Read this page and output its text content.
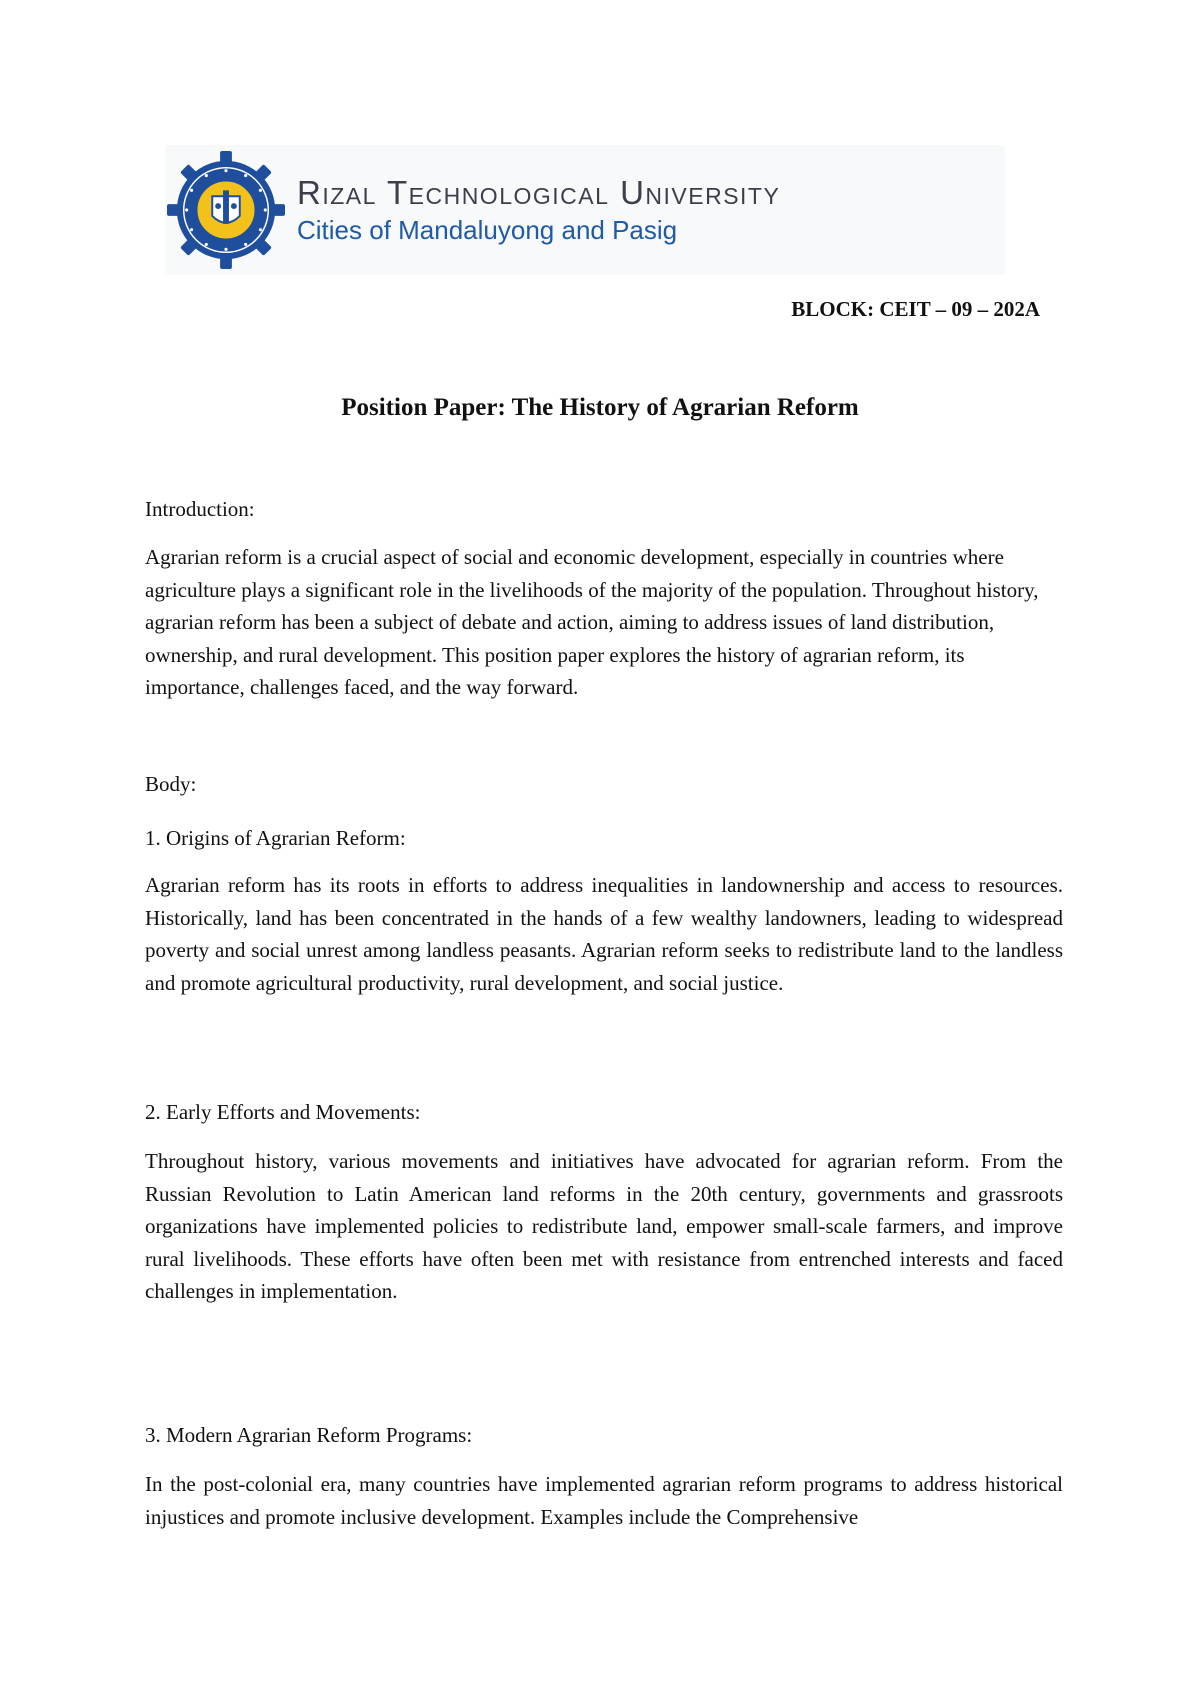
Rizal Technological University
Cities of Mandaluyong and Pasig
BLOCK: CEIT – 09 – 202A
Position Paper: The History of Agrarian Reform
Introduction:

Agrarian reform is a crucial aspect of social and economic development, especially in countries where agriculture plays a significant role in the livelihoods of the majority of the population. Throughout history, agrarian reform has been a subject of debate and action, aiming to address issues of land distribution, ownership, and rural development. This position paper explores the history of agrarian reform, its importance, challenges faced, and the way forward.

Body:
1. Origins of Agrarian Reform:

Agrarian reform has its roots in efforts to address inequalities in landownership and access to resources. Historically, land has been concentrated in the hands of a few wealthy landowners, leading to widespread poverty and social unrest among landless peasants. Agrarian reform seeks to redistribute land to the landless and promote agricultural productivity, rural development, and social justice.

2. Early Efforts and Movements:

Throughout history, various movements and initiatives have advocated for agrarian reform. From the Russian Revolution to Latin American land reforms in the 20th century, governments and grassroots organizations have implemented policies to redistribute land, empower small-scale farmers, and improve rural livelihoods. These efforts have often been met with resistance from entrenched interests and faced challenges in implementation.

3. Modern Agrarian Reform Programs:

In the post-colonial era, many countries have implemented agrarian reform programs to address historical injustices and promote inclusive development. Examples include the Comprehensive
